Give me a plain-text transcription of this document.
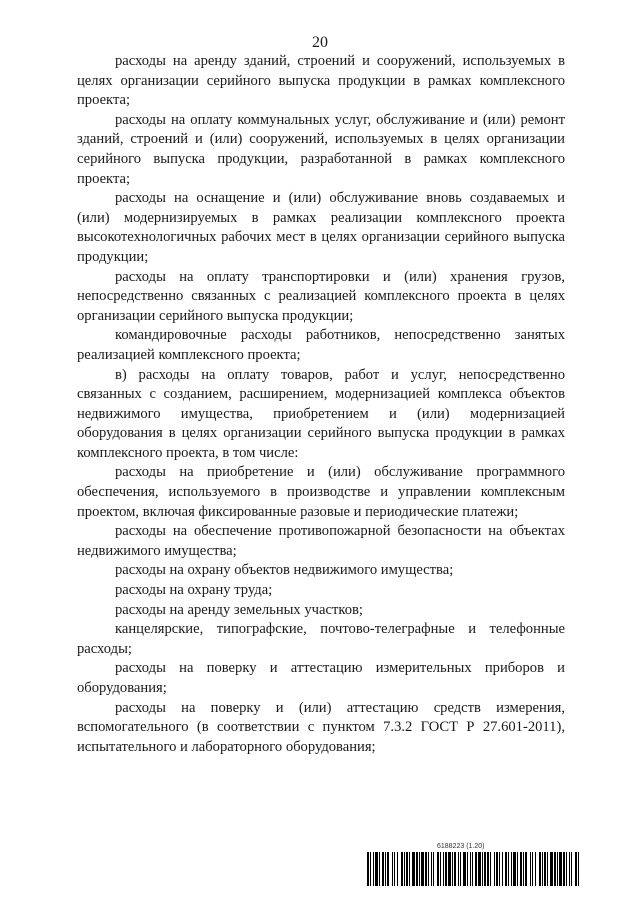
20

расходы на аренду зданий, строений и сооружений, используемых в целях организации серийного выпуска продукции в рамках комплексного проекта;

расходы на оплату коммунальных услуг, обслуживание и (или) ремонт зданий, строений и (или) сооружений, используемых в целях организации серийного выпуска продукции, разработанной в рамках комплексного проекта;

расходы на оснащение и (или) обслуживание вновь создаваемых и (или) модернизируемых в рамках реализации комплексного проекта высокотехнологичных рабочих мест в целях организации серийного выпуска продукции;

расходы на оплату транспортировки и (или) хранения грузов, непосредственно связанных с реализацией комплексного проекта в целях организации серийного выпуска продукции;

командировочные расходы работников, непосредственно занятых реализацией комплексного проекта;

в) расходы на оплату товаров, работ и услуг, непосредственно связанных с созданием, расширением, модернизацией комплекса объектов недвижимого имущества, приобретением и (или) модернизацией оборудования в целях организации серийного выпуска продукции в рамках комплексного проекта, в том числе:

расходы на приобретение и (или) обслуживание программного обеспечения, используемого в производстве и управлении комплексным проектом, включая фиксированные разовые и периодические платежи;

расходы на обеспечение противопожарной безопасности на объектах недвижимого имущества;

расходы на охрану объектов недвижимого имущества;

расходы на охрану труда;

расходы на аренду земельных участков;

канцелярские, типографские, почтово-телеграфные и телефонные расходы;

расходы на поверку и аттестацию измерительных приборов и оборудования;

расходы на поверку и (или) аттестацию средств измерения, вспомогательного (в соответствии с пунктом 7.3.2 ГОСТ Р 27.601-2011), испытательного и лабораторного оборудования;

6188223 (1.20)
